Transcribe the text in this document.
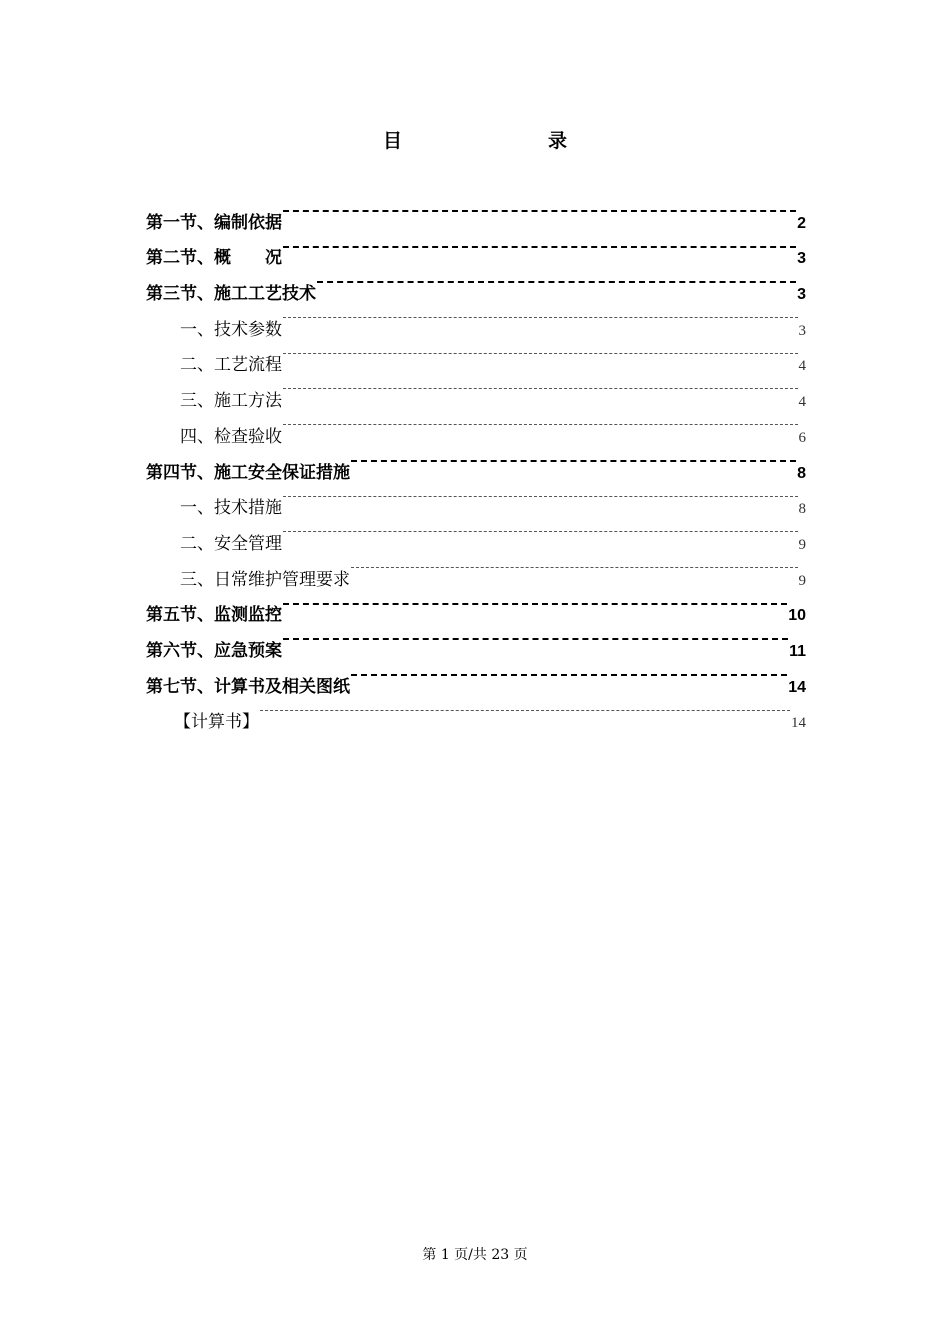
目　　录
第一节、编制依据	2
第二节、概　　况	3
第三节、施工工艺技术	3
一、技术参数	3
二、工艺流程	4
三、施工方法	4
四、检查验收	6
第四节、施工安全保证措施	8
一、技术措施	8
二、安全管理	9
三、日常维护管理要求	9
第五节、监测监控	10
第六节、应急预案	11
第七节、计算书及相关图纸	14
【计算书】	14
第 1 页/共 23 页
